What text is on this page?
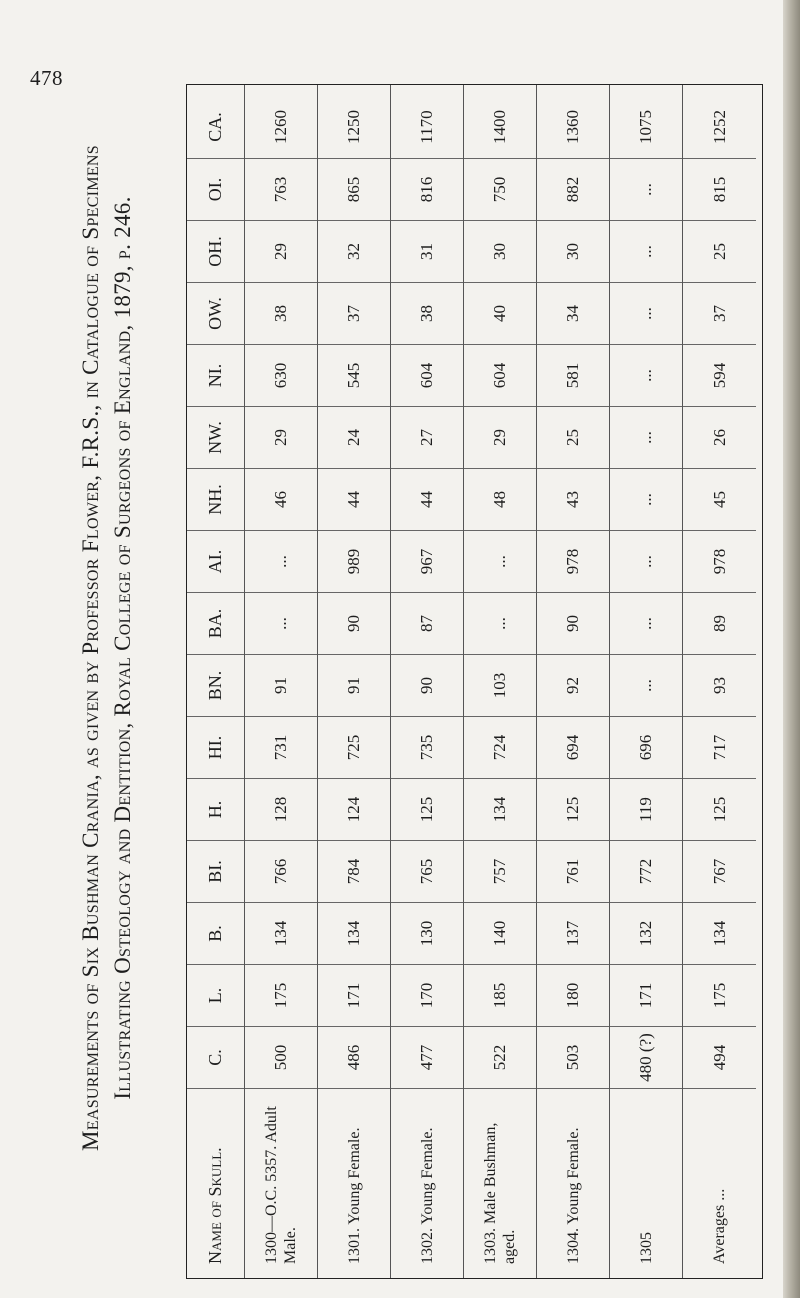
478
Measurements of Six Bushman Crania, as given by Professor Flower, F.R.S., in Catalogue of Specimens Illustrating Osteology and Dentition, Royal College of Surgeons of England, 1879, p. 246.
Name of Skull.
C.
L.
B.
BI.
H.
HI.
BN.
BA.
AI.
NH.
NW.
NI.
OW.
OH.
OI.
CA.
1300—O.C. 5357. Adult Male.
500
175
134
766
128
731
91
...
...
46
29
630
38
29
763
1260
1301. Young Female.
486
171
134
784
124
725
91
90
989
44
24
545
37
32
865
1250
1302. Young Female.
477
170
130
765
125
735
90
87
967
44
27
604
38
31
816
1170
1303. Male Bushman, aged.
522
185
140
757
134
724
103
...
...
48
29
604
40
30
750
1400
1304. Young Female.
503
180
137
761
125
694
92
90
978
43
25
581
34
30
882
1360
1305
480 (?)
171
132
772
119
696
...
...
...
...
...
...
...
...
...
1075
Averages ...
494
175
134
767
125
717
93
89
978
45
26
594
37
25
815
1252
